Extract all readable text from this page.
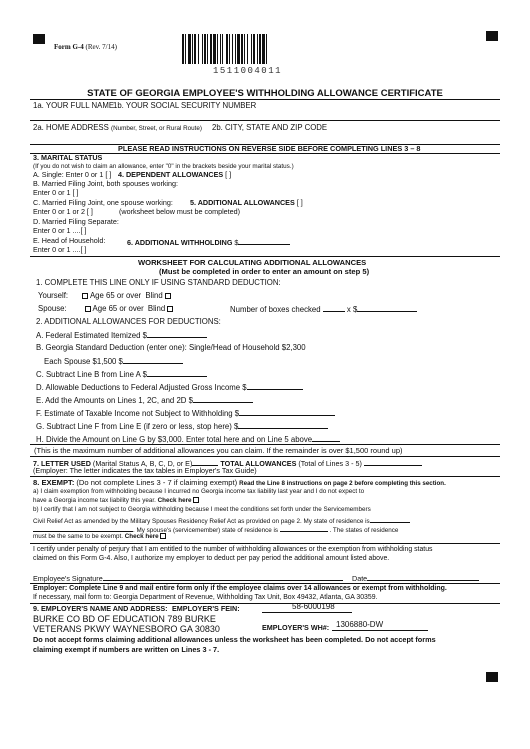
Form G-4 (Rev. 7/14)
1511004011
STATE OF GEORGIA EMPLOYEE'S WITHHOLDING ALLOWANCE CERTIFICATE
1a. YOUR FULL NAME
1b. YOUR SOCIAL SECURITY NUMBER
2a. HOME ADDRESS (Number, Street, or Rural Route) 2b. CITY, STATE AND ZIP CODE
PLEASE READ INSTRUCTIONS ON REVERSE SIDE BEFORE COMPLETING LINES 3 – 8
3. MARITAL STATUS
(If you do not wish to claim an allowance, enter "0" in the brackets beside your marital status.)
A. Single: Enter 0 or 1 [ ] 4. DEPENDENT ALLOWANCES [ ]
B. Married Filing Joint, both spouses working:
Enter 0 or 1 [ ]
C. Married Filing Joint, one spouse working: 5. ADDITIONAL ALLOWANCES [ ]
Enter 0 or 1 or 2 [ ]	(worksheet below must be completed)
D. Married Filing Separate:
Enter 0 or 1 ....[ ]
E. Head of Household:	6. ADDITIONAL WITHHOLDING $
Enter 0 or 1 ....[ ]
WORKSHEET FOR CALCULATING ADDITIONAL ALLOWANCES
(Must be completed in order to enter an amount on step 5)
1. COMPLETE THIS LINE ONLY IF USING STANDARD DEDUCTION:
Yourself:	Age 65 or over Blind
Spouse:	Age 65 or over Blind	Number of boxes checked	x $
2. ADDITIONAL ALLOWANCES FOR DEDUCTIONS:
A. Federal Estimated Itemized $
B. Georgia Standard Deduction (enter one): Single/Head of Household $2,300
Each Spouse $1,500 $
C. Subtract Line B from Line A $
D. Allowable Deductions to Federal Adjusted Gross Income $
E. Add the Amounts on Lines 1, 2C, and 2D $
F. Estimate of Taxable Income not Subject to Withholding $
G. Subtract Line F from Line E (if zero or less, stop here) $
H. Divide the Amount on Line G by $3,000. Enter total here and on Line 5 above
(This is the maximum number of additional allowances you can claim. If the remainder is over $1,500 round up)
7. LETTER USED (Marital Status A, B, C, D, or E)	TOTAL ALLOWANCES (Total of Lines 3 - 5)
(Employer: The letter indicates the tax tables in Employer's Tax Guide)
8. EXEMPT: (Do not complete Lines 3 - 7 if claiming exempt) Read the Line 8 instructions on page 2 before completing this section.
a) I claim exemption from withholding because I incurred no Georgia income tax liability last year and I do not expect to
have a Georgia income tax liability this year. Check here
b) I certify that I am not subject to Georgia withholding because I meet the conditions set forth under the Servicemembers
Civil Relief Act as amended by the Military Spouses Residency Relief Act as provided on page 2. My state of residence is
. My spouse's (servicemember) state of residence is	. The states of residence
must be the same to be exempt. Check here
I certify under penalty of perjury that I am entitled to the number of withholding allowances or the exemption from withholding status
claimed on this Form G-4. Also, I authorize my employer to deduct per pay period the additional amount listed above.
Employee's Signature	Date
Employer: Complete Line 9 and mail entire form only if the employee claims over 14 allowances or exempt from withholding.
If necessary, mail form to: Georgia Department of Revenue, Withholding Tax Unit, Box 49432, Atlanta, GA 30359.
9. EMPLOYER'S NAME AND ADDRESS: EMPLOYER'S FEIN:	58-6000198
BURKE CO BD OF EDUCATION 789 BURKE
VETERANS PKWY WAYNESBORO GA 30830	EMPLOYER'S WH#: 1306880-DW
Do not accept forms claiming additional allowances unless the worksheet has been completed. Do not accept forms
claiming exempt if numbers are written on Lines 3 - 7.
